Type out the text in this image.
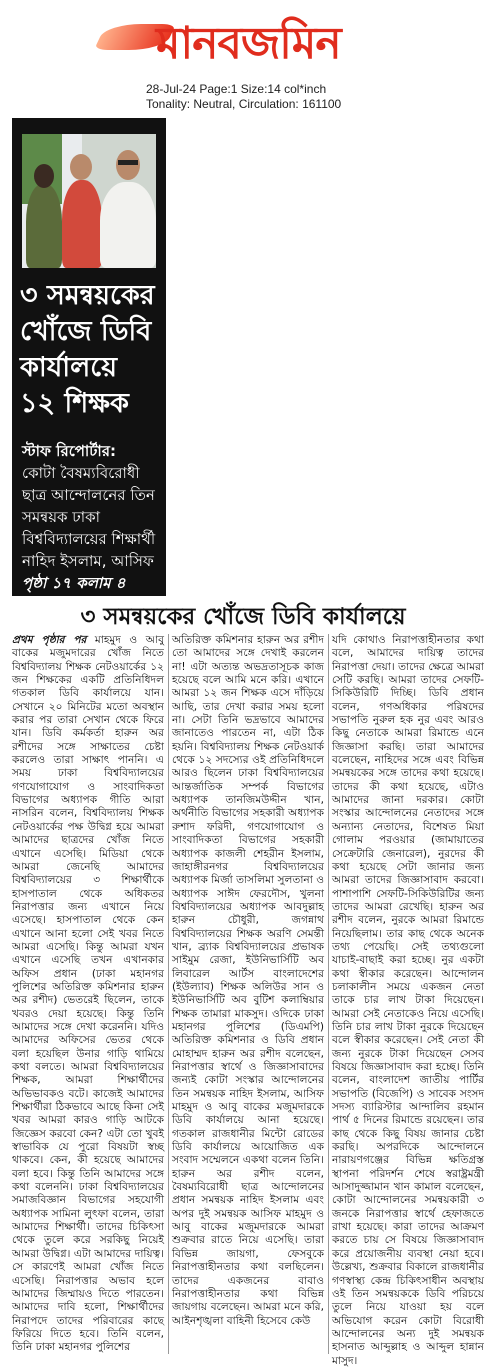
মানবজমিন
28-Jul-24 Page:1 Size:14 col*inch
Tonality: Neutral, Circulation: 161100
৩ সমন্বয়কের খোঁজে ডিবি কার্যালয়ে ১২ শিক্ষক
স্টাফ রিপোর্টার:
কোটা বৈষম্যবিরোধী ছাত্র আন্দোলনের তিন সমন্বয়ক ঢাকা বিশ্ববিদ্যালয়ের শিক্ষার্থী নাহিদ ইসলাম, আসিফ
পৃষ্ঠা ১৭ কলাম ৪
৩ সমন্বয়কের খোঁজে ডিবি কার্যালয়ে
প্রথম পৃষ্ঠার পর মাহমুদ ও আবু বাকের মজুমদারের খোঁজ নিতে বিশ্ববিদ্যালয় শিক্ষক নেটওয়ার্কের ১২ জন শিক্ষকের একটি প্রতিনিধিদল গতকাল ডিবি কার্যালয়ে যান। সেখানে ২০ মিনিটের মতো অবস্থান করার পর তারা সেখান থেকে ফিরে যান। ডিবি কর্মকর্তা হারুন অর রশীদের সঙ্গে সাক্ষাতের চেষ্টা করলেও তারা সাক্ষাৎ পাননি। এ সময় ঢাকা বিশ্ববিদ্যালয়ের গণযোগাযোগ ও সাংবাদিকতা বিভাগের অধ্যাপক গীতি আরা নাসরিন বলেন, বিশ্ববিদ্যালয় শিক্ষক নেটওয়ার্কের পক্ষ উদ্বিগ্ন হয়ে আমরা আমাদের ছাত্রদের খোঁজ নিতে এখানে এসেছি। মিডিয়া থেকে আমরা জেনেছি আমাদের বিশ্ববিদ্যালয়ের ৩ শিক্ষার্থীকে হাসপাতাল থেকে অধিকতর নিরাপত্তার জন্য এখানে নিয়ে এসেছে। হাসপাতাল থেকে কেন এখানে আনা হলো সেই খবর নিতে আমরা এসেছি। কিন্তু আমরা যখন এখানে এসেছি তখন এখানকার অফিস প্রধান (ঢাকা মহানগর পুলিশের অতিরিক্ত কমিশনার হারুন অর রশীদ) ভেতরেই ছিলেন, তাকে খবরও দেয়া হয়েছে। কিন্তু তিনি আমাদের সঙ্গে দেখা করেননি। যদিও আমাদের অফিসের ভেতর থেকে বলা হয়েছিল উনার গাড়ি থামিয়ে কথা বলতে। আমরা বিশ্ববিদ্যালয়ের শিক্ষক, আমরা শিক্ষার্থীদের অভিভাবকও বটে। কাজেই আমাদের শিক্ষার্থীরা ঠিকভাবে আছে কিনা সেই খবর আমরা কারও গাড়ি আটকে জিজ্ঞেস করবো কেন? এটা তো খুবই স্বাভাবিক যে পুরো বিষয়টা স্বচ্ছ থাকবে। কেন, কী হয়েছে আমাদের বলা হবে। কিন্তু তিনি আমাদের সঙ্গে কথা বলেননি। ঢাকা বিশ্ববিদ্যালয়ের সমাজবিজ্ঞান বিভাগের সহযোগী অধ্যাপক সামিনা লুৎফা বলেন, তারা আমাদের শিক্ষার্থী। তাদের চিকিৎসা থেকে তুলে করে সরকিছু নিয়েই আমরা উদ্বিগ্ন। এটা আমাদের দায়িত্ব। সে কারণেই আমরা খোঁজ নিতে এসেছি। নিরাপত্তার অভাব হলে আমাদের জিম্মায়ও দিতে পারতেন। আমাদের দাবি হলো, শিক্ষার্থীদের নিরাপদে তাদের পরিবারের কাছে ফিরিয়ে দিতে হবে। তিনি বলেন, তিনি ঢাকা মহানগর পুলিশের
অতিরিক্ত কমিশনার হারুন অর রশীদ তো আমাদের সঙ্গে দেখাই করলেন না! এটা অত্যন্ত অভদ্রতাসূচক কাজ হয়েছে বলে আমি মনে করি। এখানে আমরা ১২ জন শিক্ষক এসে দাঁড়িয়ে আছি, তার দেখা করার সময় হলো না। সেটা তিনি ভদ্রভাবে আমাদের জানাতেও পারতেন না, এটা ঠিক হয়নি। বিশ্ববিদ্যালয় শিক্ষক নেটওয়ার্ক থেকে ১২ সদস্যের ওই প্রতিনিধিদলে আরও ছিলেন ঢাকা বিশ্ববিদ্যালয়ের আন্তর্জাতিক সম্পর্ক বিভাগের অধ্যাপক তানজিমউদ্দীন খান, অর্থনীতি বিভাগের সহকারী অধ্যাপক রুশাদ ফরিদী, গণযোগাযোগ ও সাংবাদিকতা বিভাগের সহকারী অধ্যাপক কাজলী শেহরীন ইসলাম, জাহাঙ্গীরনগর বিশ্ববিদ্যালয়ের অধ্যাপক মির্জা তাসলিমা সুলতানা ও অধ্যাপক সাঈদ ফেরদৌস, খুলনা বিশ্ববিদ্যালয়ের অধ্যাপক আবদুল্লাহ হারুন চৌধুরী, জগন্নাথ বিশ্ববিদ্যালয়ের শিক্ষক অরণি সেমন্তী খান, ব্র্যাক বিশ্ববিদ্যালয়ের প্রভাষক সাইমুম রেজা, ইউনিভার্সিটি অব লিবারেল আর্টস বাংলাদেশের (ইউল্যাব) শিক্ষক অলিউর সান ও ইউনিভার্সিটি অব বুটিশ কলাম্বিয়ার শিক্ষক তামারা মাকসুদ। ওদিকে ঢাকা মহানগর পুলিশের (ডিএমপি) অতিরিক্ত কমিশনার ও ডিবি প্রধান মোহাম্মদ হারুন অর রশীদ বলেছেন, নিরাপত্তার স্বার্থে ও জিজ্ঞাসাবাদের জন্যই কোটা সংস্কার আন্দোলনের তিন সমন্বয়ক নাহিদ ইসলাম, আসিফ মাহমুদ ও আবু বাকের মজুমদারকে ডিবি কার্যালয়ে আনা হয়েছে। গতকাল রাজধানীর মিন্টো রোডের ডিবি কার্যালয়ে আয়োজিত এক সংবাদ সম্মেলনে একথা বলেন তিনি। হারুন অর রশীদ বলেন, বৈষম্যবিরোধী ছাত্র আন্দোলনের প্রধান সমন্বয়ক নাহিদ ইসলাম এবং অপর দুই সমন্বয়ক আসিফ মাহমুদ ও আবু বাকের মজুমদারকে আমরা শুক্রবার রাতে নিয়ে এসেছি। তারা বিভিন্ন জায়গা, ফেসবুকে নিরাপত্তাহীনতার কথা বলছিলেন। তাদের একজনের বাবাও নিরাপত্তাহীনতার কথা বিভিন্ন জায়গায় বলেছেন। আমরা মনে করি, আইনশৃঙ্খলা বাহিনী হিসেবে কেউ
যদি কোথাও নিরাপত্তাহীনতার কথা বলে, আমাদের দায়িত্ব তাদের নিরাপত্তা দেয়া। তাদের ক্ষেত্রে আমরা সেটি করছি। আমরা তাদের সেফটি-সিকিউরিটি দিচ্ছি। ডিবি প্রধান বলেন, গণঅধিকার পরিষদের সভাপতি নুরুল হক নুর এবং আরও কিছু নেতাকে আমরা রিমান্ডে এনে জিজ্ঞাসা করছি। তারা আমাদের বলেছেন, নাহিদের সঙ্গে এবং বিভিন্ন সমন্বয়কের সঙ্গে তাদের কথা হয়েছে। তাদের কী কথা হয়েছে, এটাও আমাদের জানা দরকার। কোটা সংস্কার আন্দোলনের নেতাদের সঙ্গে অন্যান্য নেতাদের, বিশেষত মিয়া গোলাম পরওয়ার (জামায়াতের সেক্রেটারি জেনারেল), নুরদের কী কথা হয়েছে সেটা জানার জন্য আমরা তাদের জিজ্ঞাসাবাদ করবো। পাশাপাশি সেফটি-সিকিউরিটির জন্য তাদের আমরা রেখেছি। হারুন অর রশীদ বলেন, নুরকে আমরা রিমান্ডে নিয়েছিলাম। তার কাছ থেকে অনেক তথ্য পেয়েছি। সেই তথ্যগুলো যাচাই-বাছাই করা হচ্ছে। নুর একটা কথা স্বীকার করেছেন। আন্দোলন চলাকালীন সময়ে একজন নেতা তাকে চার লাখ টাকা দিয়েছেন। আমরা সেই নেতাকেও নিয়ে এসেছি। তিনি চার লাখ টাকা নুরকে দিয়েছেন বলে স্বীকার করেছেন। সেই নেতা কী জন্য নুরকে টাকা দিয়েছেন সেসব বিষয়ে জিজ্ঞাসাবাদ করা হচ্ছে। তিনি বলেন, বাংলাদেশ জাতীয় পার্টির সভাপতি (বিজেপি) ও সাবেক সংসদ সদস্য ব্যারিস্টার আন্দালিব রহমান পার্থ ৫ দিনের রিমান্ডে রয়েছেন। তার কাছ থেকে কিছু বিষয় জানার চেষ্টা করছি। অপরদিকে আন্দোলনে নারায়ণগঞ্জের বিভিন্ন ক্ষতিগ্রস্ত স্থাপনা পরিদর্শন শেষে স্বরাষ্ট্রমন্ত্রী আসাদুজ্জামান খান কামাল বলেছেন, কোটা আন্দোলনের সমন্বয়কারী ৩ জনকে নিরাপত্তার স্বার্থে হেফাজতে রাখা হয়েছে। কারা তাদের আক্রমণ করতে চায় সে বিষয়ে জিজ্ঞাসাবাদ করে প্রয়োজনীয় ব্যবস্থা নেয়া হবে। উল্লেখ্য, শুক্রবার বিকালে রাজধানীর গণস্বাস্থ্য কেন্দ্র চিকিৎসাধীন অবস্থায় ওই তিন সমন্বয়ককে ডিবি পরিচয়ে তুলে নিয়ে যাওয়া হয় বলে অভিযোগ করেন কোটা বিরোধী আন্দোলনের অন্য দুই সমন্বয়ক হাসনাত আব্দুল্লাহ ও আব্দুল হান্নান মাসুদ।
